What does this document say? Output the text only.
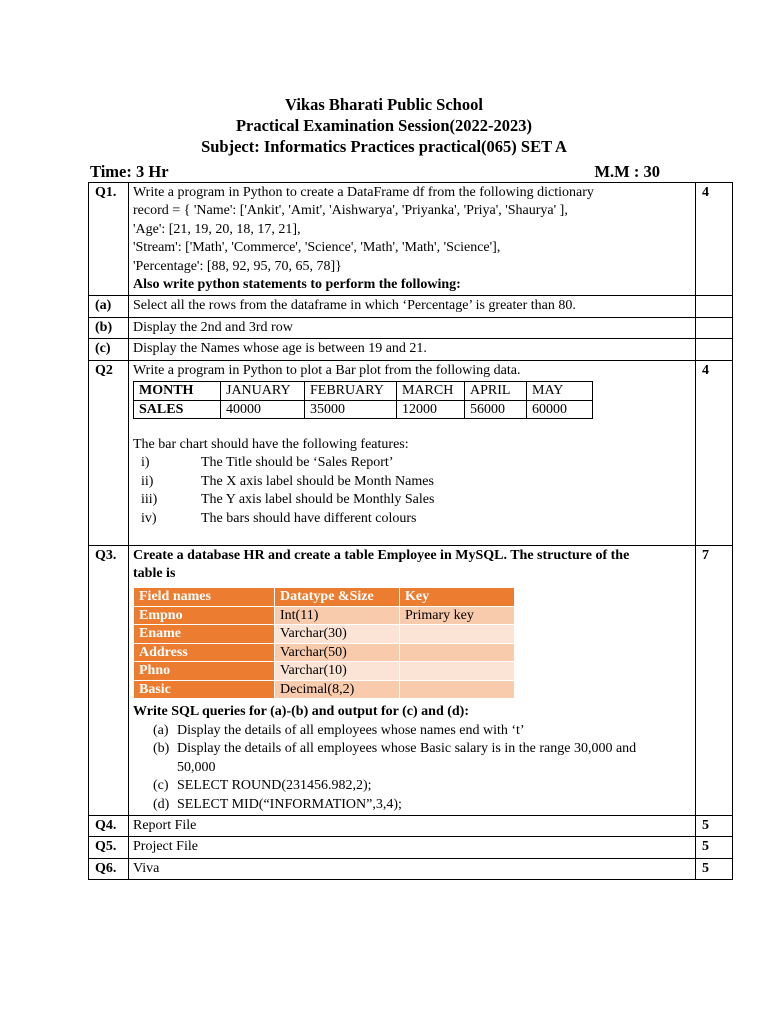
Vikas Bharati Public School
Practical Examination Session(2022-2023)
Subject: Informatics Practices practical(065) SET A
Time: 3 Hr	M.M : 30
Q1.	Write a program in Python to create a DataFrame df from the following dictionary
record = { 'Name': ['Ankit', 'Amit', 'Aishwarya', 'Priyanka', 'Priya', 'Shaurya' ],
'Age': [21, 19, 20, 18, 17, 21],
'Stream': ['Math', 'Commerce', 'Science', 'Math', 'Math', 'Science'],
'Percentage': [88, 92, 95, 70, 65, 78]}
Also write python statements to perform the following:
	4
(a)	Select all the rows from the dataframe in which ‘Percentage’ is greater than 80.	
(b)	Display the 2nd and 3rd row	
(c)	Display the Names whose age is between 19 and 21.	
Q2	Write a program in Python to plot a Bar plot from the following data.
MONTH	JANUARY	FEBRUARY	MARCH	APRIL	MAY
SALES	40000	35000	12000	56000	60000
The bar chart should have the following features:
i)	The Title should be ‘Sales Report’
ii)	The X axis label should be Month Names
iii)	The Y axis label should be Monthly Sales
iv)	The bars should have different colours
	4
Q3.	Create a database HR and create a table Employee in MySQL. The structure of the
table is
Field names	Datatype &Size	Key
Empno	Int(11)	Primary key
Ename	Varchar(30)	
Address	Varchar(50)	
Phno	Varchar(10)	
Basic	Decimal(8,2)	
Write SQL queries for (a)-(b) and output for (c) and (d):
(a) Display the details of all employees whose names end with ‘t’
(b) Display the details of all employees whose Basic salary is in the range 30,000 and
50,000
(c) SELECT ROUND(231456.982,2);
(d) SELECT MID(“INFORMATION”,3,4);
	7
Q4.	Report File	5
Q5.	Project File	5
Q6.	Viva	5
